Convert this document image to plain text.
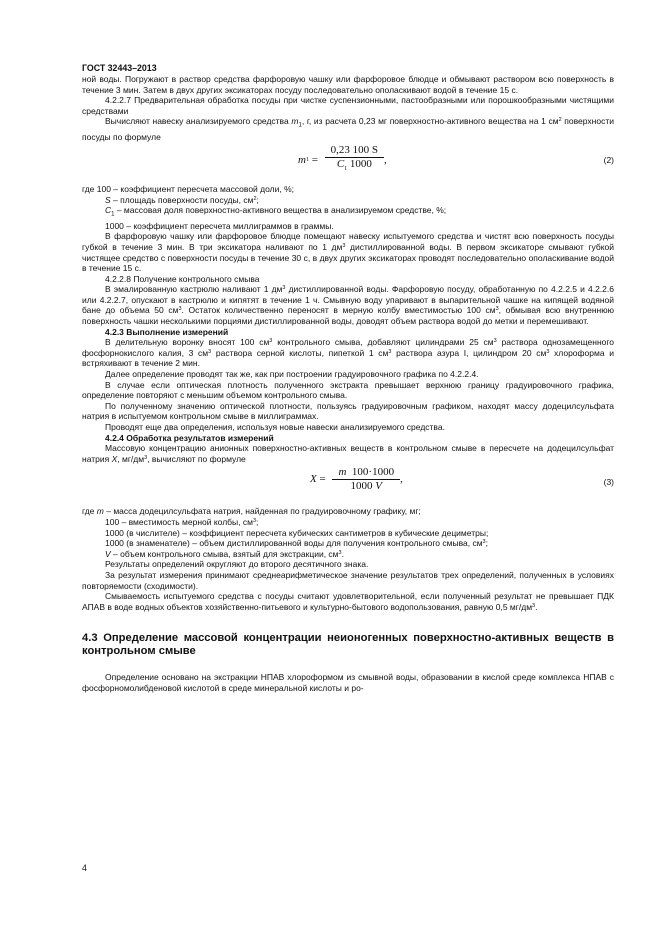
ГОСТ 32443–2013

ной воды. Погружают в раствор средства фарфоровую чашку или фарфоровое блюдце и обмывают раствором всю поверхность в течение 3 мин. Затем в двух других эксикаторах посуду последовательно ополаскивают водой в течение 15 с.

4.2.2.7 Предварительная обработка посуды при чистке суспензионными, пастообразными или порошкообразными чистящими средствами

Вычисляют навеску анализируемого средства $m_1$, г, из расчета 0,23 мг поверхностно-активного вещества на 1 $см^2$ поверхности посуды по формуле

m $1 = \frac{0,23 100 S}{C_1 1000}$ ,	(2)

где 100 – коэффициент пересчета массовой доли, %;

S – площадь поверхности посуды, $см^2$;

$C_1$ – массовая доля поверхностно-активного вещества в анализируемом средстве, %;

1000 – коэффициент пересчета миллиграммов в граммы.

В фарфоровую чашку или фарфоровое блюдце помещают навеску испытуемого средства и чистят всю поверхность посуды губкой в течение 3 мин. В три эксикатора наливают по 1 $дм^3$ дистиллированной воды. В первом эксикаторе смывают губкой чистящее средство с поверхности посуды в течение 30 с, в двух других эксикаторах проводят последовательно ополаскивание водой в течение 15 с.

4.2.2.8 Получение контрольного смыва

В эмалированную кастрюлю наливают 1 $дм^3$ дистиллированной воды. Фарфоровую посуду, обработанную по 4.2.2.5 и 4.2.2.6 или 4.2.2.7, опускают в кастрюлю и кипятят в течение 1 ч. Смывную воду упаривают в выпарительной чашке на кипящей водяной бане до объема 50 $см^3$. Остаток количественно переносят в мерную колбу вместимостью 100 $см^3$, обмывая всю внутреннюю поверхность чашки несколькими порциями дистиллированной воды, доводят объем раствора водой до метки и перемешивают.

4.2.3 Выполнение измерений

В делительную воронку вносят 100 $см^3$ контрольного смыва, добавляют цилиндрами 25 $см^3$ раствора однозамещенного фосфорнокислого калия, 3 $см^3$ раствора серной кислоты, пипеткой 1 $см^3$ раствора азура I, цилиндром 20 $см^3$ хлороформа и встряхивают в течение 2 мин.

Далее определение проводят так же, как при построении градуировочного графика по 4.2.2.4.

В случае если оптическая плотность полученного экстракта превышает верхнюю границу градуировочного графика, определение повторяют с меньшим объемом контрольного смыва.

По полученному значению оптической плотности, пользуясь градуировочным графиком, находят массу додецилсульфата натрия в испытуемом контрольном смыве в миллиграммах.

Проводят еще два определения, используя новые навески анализируемого средства.

4.2.4 Обработка результатов измерений

Массовую концентрацию анионных поверхностно-активных веществ в контрольном смыве в пересчете на додецилсульфат натрия X, $мг/дм^3$, вычисляют по формуле

$X = \frac{m 100\cdot 1000}{1000 V}$ ,	(3)

где m – масса додецилсульфата натрия, найденная по градуировочному графику, мг;

100 – вместимость мерной колбы, $см^3$;

1000 (в числителе) – коэффициент пересчета кубических сантиметров в кубические дециметры;

1000 (в знаменателе) – объем дистиллированной воды для получения контрольного смыва, $см^3$;

V – объем контрольного смыва, взятый для экстракции, $см^3$.

Результаты определений округляют до второго десятичного знака.

За результат измерения принимают среднеарифметическое значение результатов трех определений, полученных в условиях повторяемости (сходимости).

Смываемость испытуемого средства с посуды считают удовлетворительной, если полученный результат не превышает ПДК АПАВ в воде водных объектов хозяйственно-питьевого и культурно-бытового водопользования, равную 0,5 $мг/дм^3$.

4.3 Определение массовой концентрации неионогенных поверхностно-активных веществ в контрольном смыве

Определение основано на экстракции НПАВ хлороформом из смывной воды, образовании в кислой среде комплекса НПАВ с фосфорномолибденовой кислотой в среде минеральной кислоты и ро-

4
